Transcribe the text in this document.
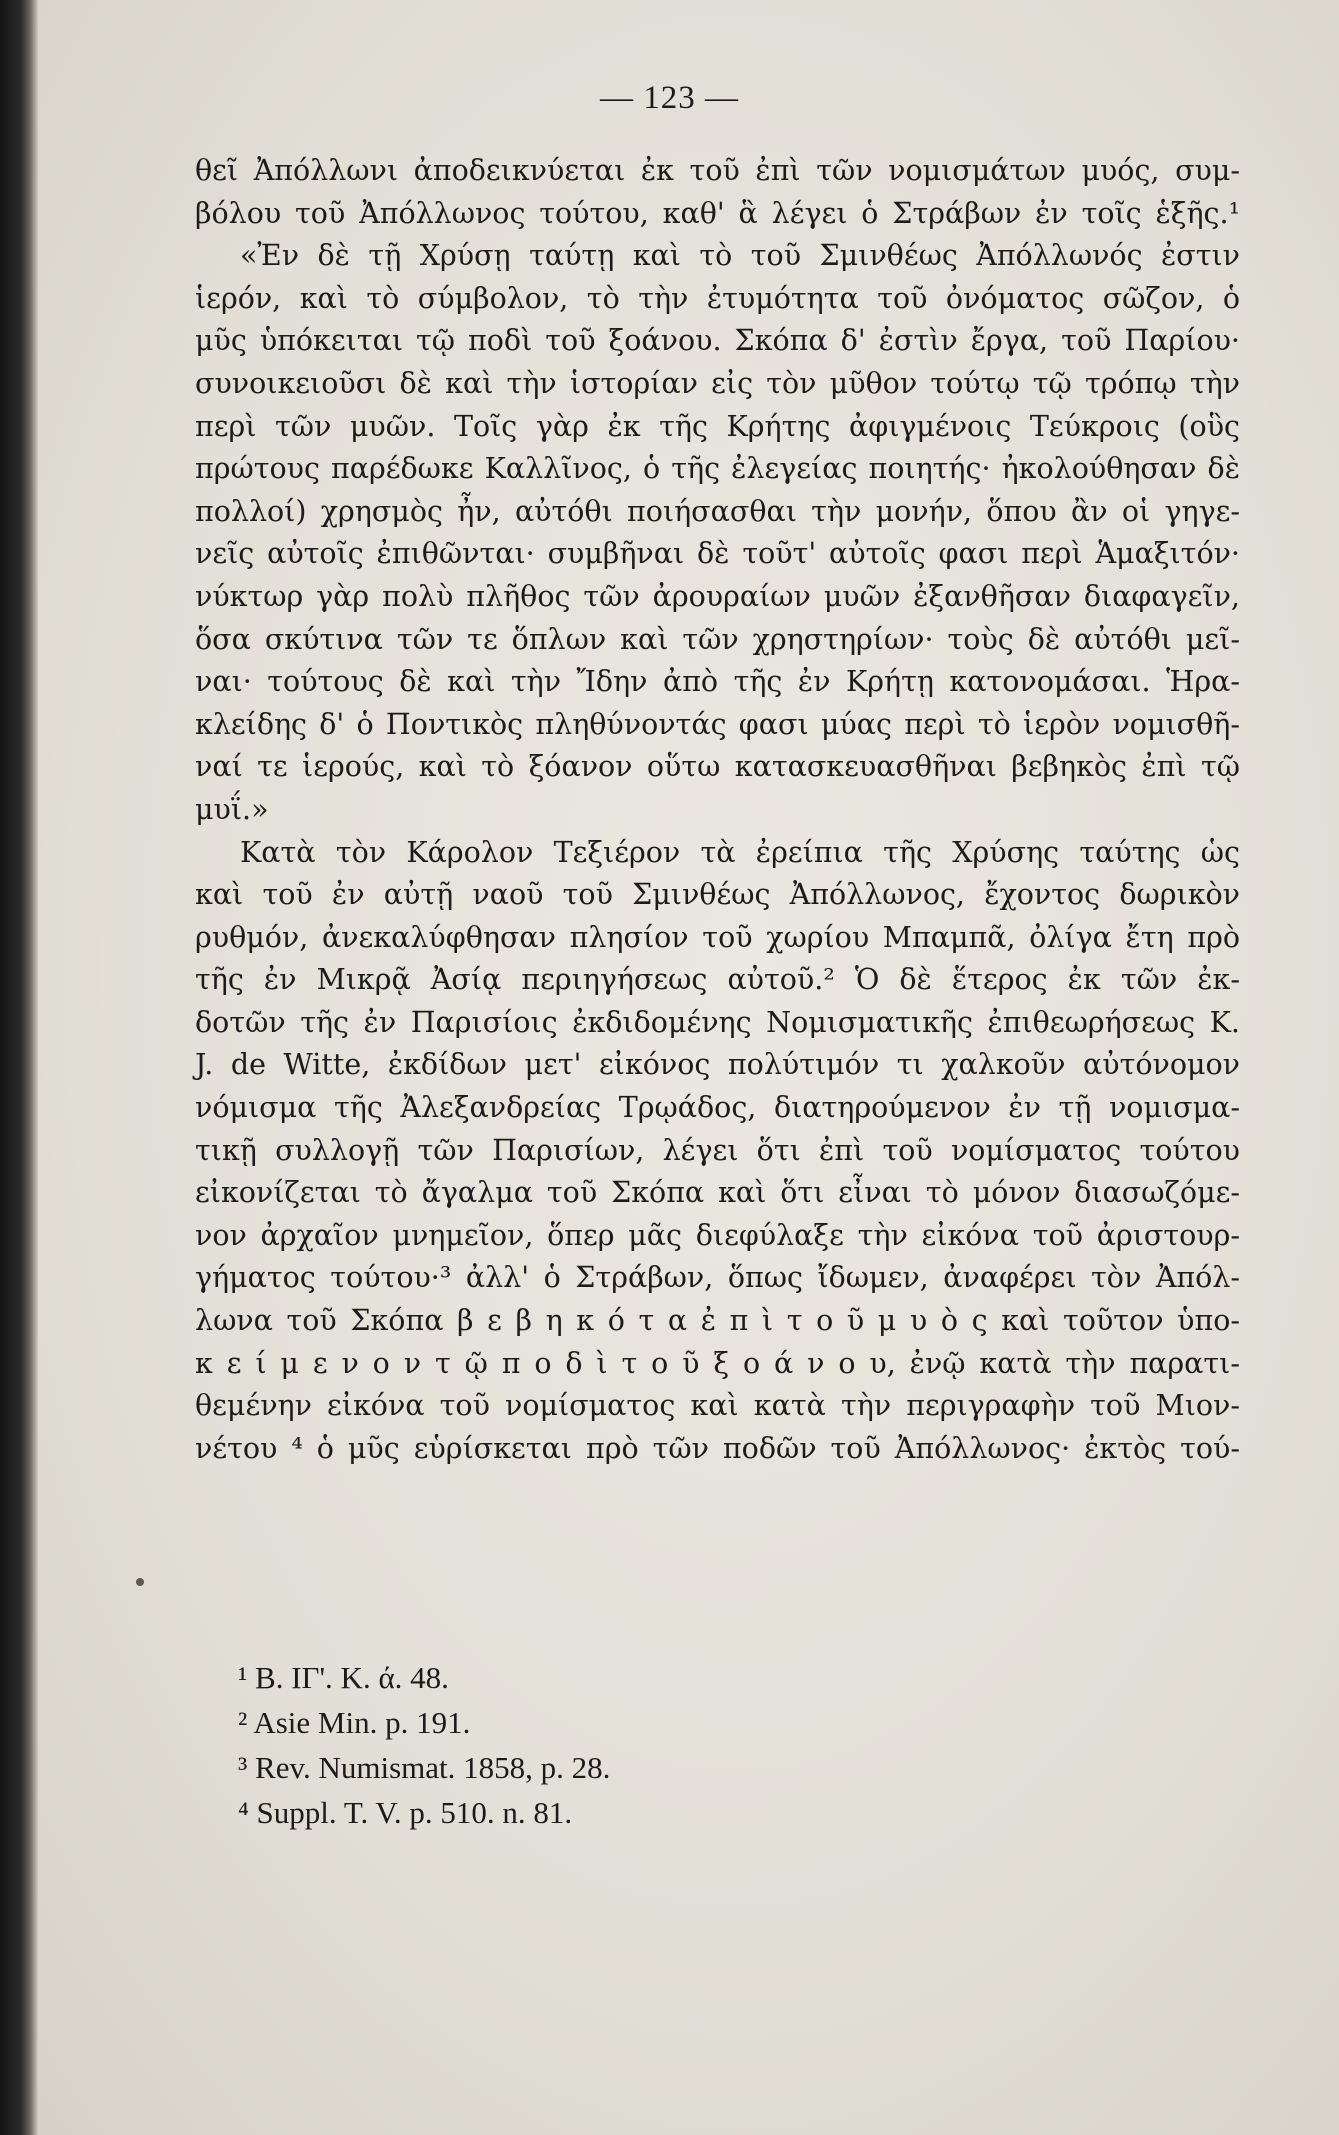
— 123 —
θεῖ Ἀπόλλωνι ἀποδεικνύεται ἐκ τοῦ ἐπὶ τῶν νομισμάτων μυός, συμ-
βόλου τοῦ Ἀπόλλωνος τούτου, καθ' ἃ λέγει ὁ Στράβων ἐν τοῖς ἑξῆς.¹
«Ἐν δὲ τῇ Χρύσῃ ταύτῃ καὶ τὸ τοῦ Σμινθέως Ἀπόλλωνός ἐστιν
ἱερόν, καὶ τὸ σύμβολον, τὸ τὴν ἐτυμότητα τοῦ ὀνόματος σῶζον, ὁ
μῦς ὑπόκειται τῷ ποδὶ τοῦ ξοάνου. Σκόπα δ' ἐστὶν ἔργα, τοῦ Παρίου·
συνοικειοῦσι δὲ καὶ τὴν ἱστορίαν εἰς τὸν μῦθον τούτῳ τῷ τρόπῳ τὴν
περὶ τῶν μυῶν. Τοῖς γὰρ ἐκ τῆς Κρήτης ἀφιγμένοις Τεύκροις (οὓς
πρώτους παρέδωκε Καλλῖνος, ὁ τῆς ἐλεγείας ποιητής· ἠκολούθησαν δὲ
πολλοί) χρησμὸς ἦν, αὐτόθι ποιήσασθαι τὴν μονήν, ὅπου ἂν οἱ γηγε-
νεῖς αὐτοῖς ἐπιθῶνται· συμβῆναι δὲ τοῦτ' αὐτοῖς φασι περὶ Ἁμαξιτόν·
νύκτωρ γὰρ πολὺ πλῆθος τῶν ἀρουραίων μυῶν ἐξανθῆσαν διαφαγεῖν,
ὅσα σκύτινα τῶν τε ὅπλων καὶ τῶν χρηστηρίων· τοὺς δὲ αὐτόθι μεῖ-
ναι· τούτους δὲ καὶ τὴν Ἴδην ἀπὸ τῆς ἐν Κρήτῃ κατονομάσαι. Ἡρα-
κλείδης δ' ὁ Ποντικὸς πληθύνοντάς φασι μύας περὶ τὸ ἱερὸν νομισθῆ-
ναί τε ἱερούς, καὶ τὸ ξόανον οὕτω κατασκευασθῆναι βεβηκὸς ἐπὶ τῷ
μυΐ.»
Κατὰ τὸν Κάρολον Τεξιέρον τὰ ἐρείπια τῆς Χρύσης ταύτης ὡς
καὶ τοῦ ἐν αὐτῇ ναοῦ τοῦ Σμινθέως Ἀπόλλωνος, ἔχοντος δωρικὸν
ρυθμόν, ἀνεκαλύφθησαν πλησίον τοῦ χωρίου Μπαμπᾶ, ὀλίγα ἔτη πρὸ
τῆς ἐν Μικρᾷ Ἀσίᾳ περιηγήσεως αὐτοῦ.² Ὁ δὲ ἕτερος ἐκ τῶν ἐκ-
δοτῶν τῆς ἐν Παρισίοις ἐκδιδομένης Νομισματικῆς ἐπιθεωρήσεως Κ.
J. de Witte, ἐκδίδων μετ' εἰκόνος πολύτιμόν τι χαλκοῦν αὐτόνομον
νόμισμα τῆς Ἀλεξανδρείας Τρῳάδος, διατηρούμενον ἐν τῇ νομισμα-
τικῇ συλλογῇ τῶν Παρισίων, λέγει ὅτι ἐπὶ τοῦ νομίσματος τούτου
εἰκονίζεται τὸ ἄγαλμα τοῦ Σκόπα καὶ ὅτι εἶναι τὸ μόνον διασωζόμε-
νον ἀρχαῖον μνημεῖον, ὅπερ μᾶς διεφύλαξε τὴν εἰκόνα τοῦ ἀριστουρ-
γήματος τούτου·³ ἀλλ' ὁ Στράβων, ὅπως ἴδωμεν, ἀναφέρει τὸν Ἀπόλ-
λωνα τοῦ Σκόπα β ε β η κ ό τ α ἐ π ὶ τ ο ῦ μ υ ὸ ς καὶ τοῦτον ὑπο-
κ ε ί μ ε ν ο ν τ ῷ π ο δ ὶ τ ο ῦ ξ ο ά ν ο υ, ἐνῷ κατὰ τὴν παρατι-
θεμένην εἰκόνα τοῦ νομίσματος καὶ κατὰ τὴν περιγραφὴν τοῦ Μιον-
νέτου ⁴ ὁ μῦς εὑρίσκεται πρὸ τῶν ποδῶν τοῦ Ἀπόλλωνος· ἐκτὸς τού-
¹ Β. ΙΓ'. Κ. ά. 48.
² Asie Min. p. 191.
³ Rev. Numismat. 1858, p. 28.
⁴ Suppl. T. V. p. 510. n. 81.
